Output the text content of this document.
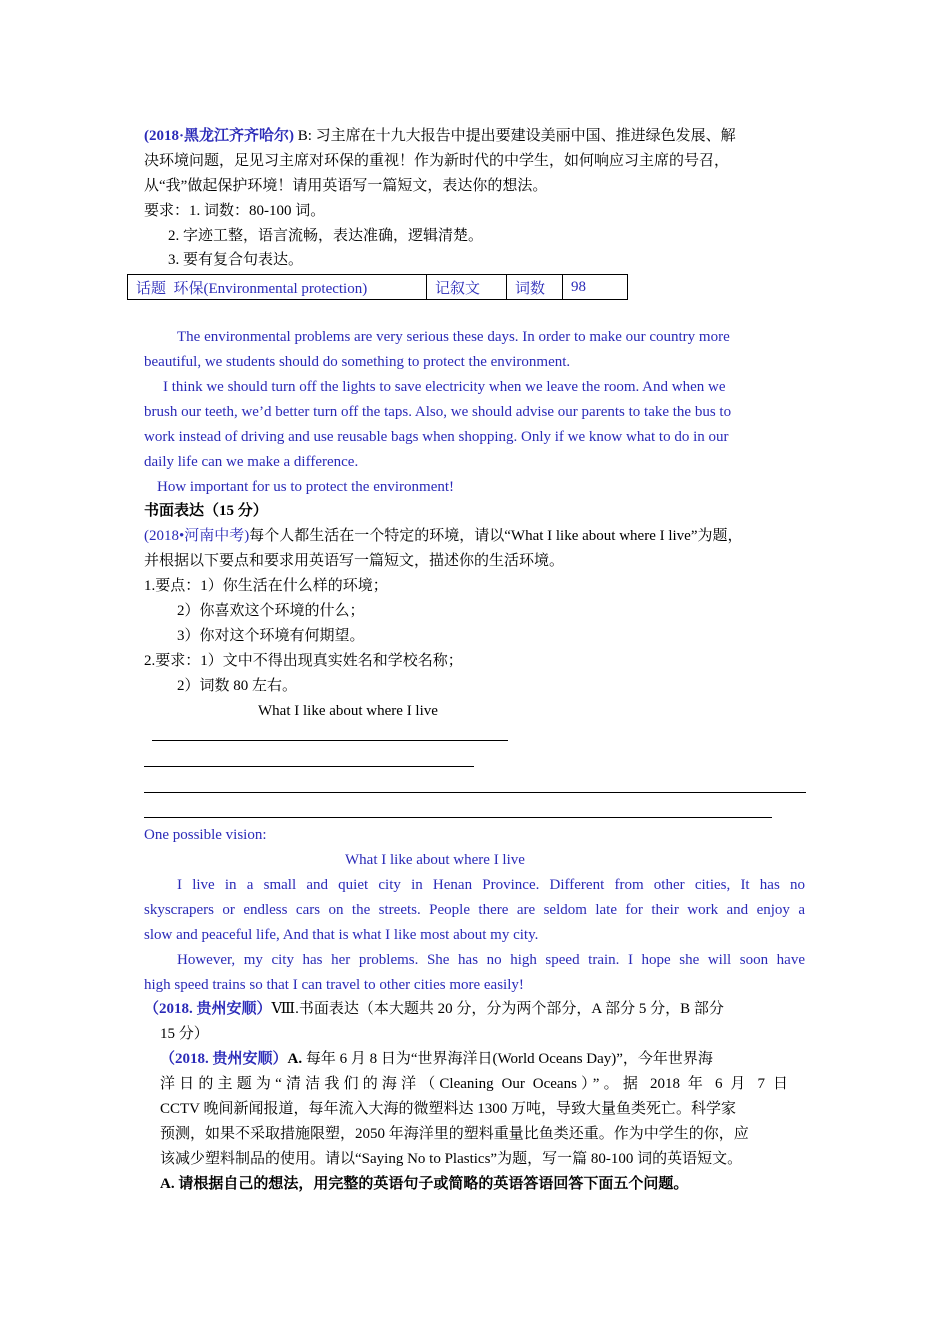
(2018·黑龙江齐齐哈尔) B: 习主席在十九大报告中提出要建设美丽中国、推进绿色发展、解
决环境问题，足见习主席对环保的重视！作为新时代的中学生，如何响应习主席的号召，
从“我”做起保护环境！请用英语写一篇短文，表达你的想法。
要求：1. 词数：80-100 词。
2. 字迹工整，语言流畅，表达准确，逻辑清楚。
3. 要有复合句表达。
话题 环保(Environmental protection)	记叙文	词数	98
The environmental problems are very serious these days. In order to make our country more
beautiful, we students should do something to protect the environment.
I think we should turn off the lights to save electricity when we leave the room. And when we
brush our teeth, we’d better turn off the taps. Also, we should advise our parents to take the bus to
work instead of driving and use reusable bags when shopping. Only if we know what to do in our
daily life can we make a difference.
How important for us to protect the environment!
书面表达（15 分）
(2018•河南中考)每个人都生活在一个特定的环境，请以“What I like about where I live”为题，
并根据以下要点和要求用英语写一篇短文，描述你的生活环境。
1.要点：1）你生活在什么样的环境；
2）你喜欢这个环境的什么；
3）你对这个环境有何期望。
2.要求：1）文中不得出现真实姓名和学校名称；
2）词数 80 左右。
What I like about where I live
One possible vision:
What I like about where I live
I live in a small and quiet city in Henan Province. Different from other cities, It has no
skyscrapers or endless cars on the streets. People there are seldom late for their work and enjoy a
slow and peaceful life, And that is what I like most about my city.
However, my city has her problems. She has no high speed train. I hope she will soon have
high speed trains so that I can travel to other cities more easily!
（2018. 贵州安顺）Ⅷ.书面表达（本大题共 20 分，分为两个部分，A 部分 5 分，B 部分
15 分）
（2018. 贵州安顺）A. 每年 6 月 8 日为“世界海洋日(World Oceans Day)”，今年世界海
洋日的主题为“清洁我们的海洋（Cleaning Our Oceans）”。据 2018 年 6 月 7 日
CCTV 晚间新闻报道，每年流入大海的微塑料达 1300 万吨，导致大量鱼类死亡。科学家
预测，如果不采取措施限塑，2050 年海洋里的塑料重量比鱼类还重。作为中学生的你，应
该减少塑料制品的使用。请以“Saying No to Plastics”为题，写一篇 80-100 词的英语短文。
A. 请根据自己的想法，用完整的英语句子或简略的英语答语回答下面五个问题。
